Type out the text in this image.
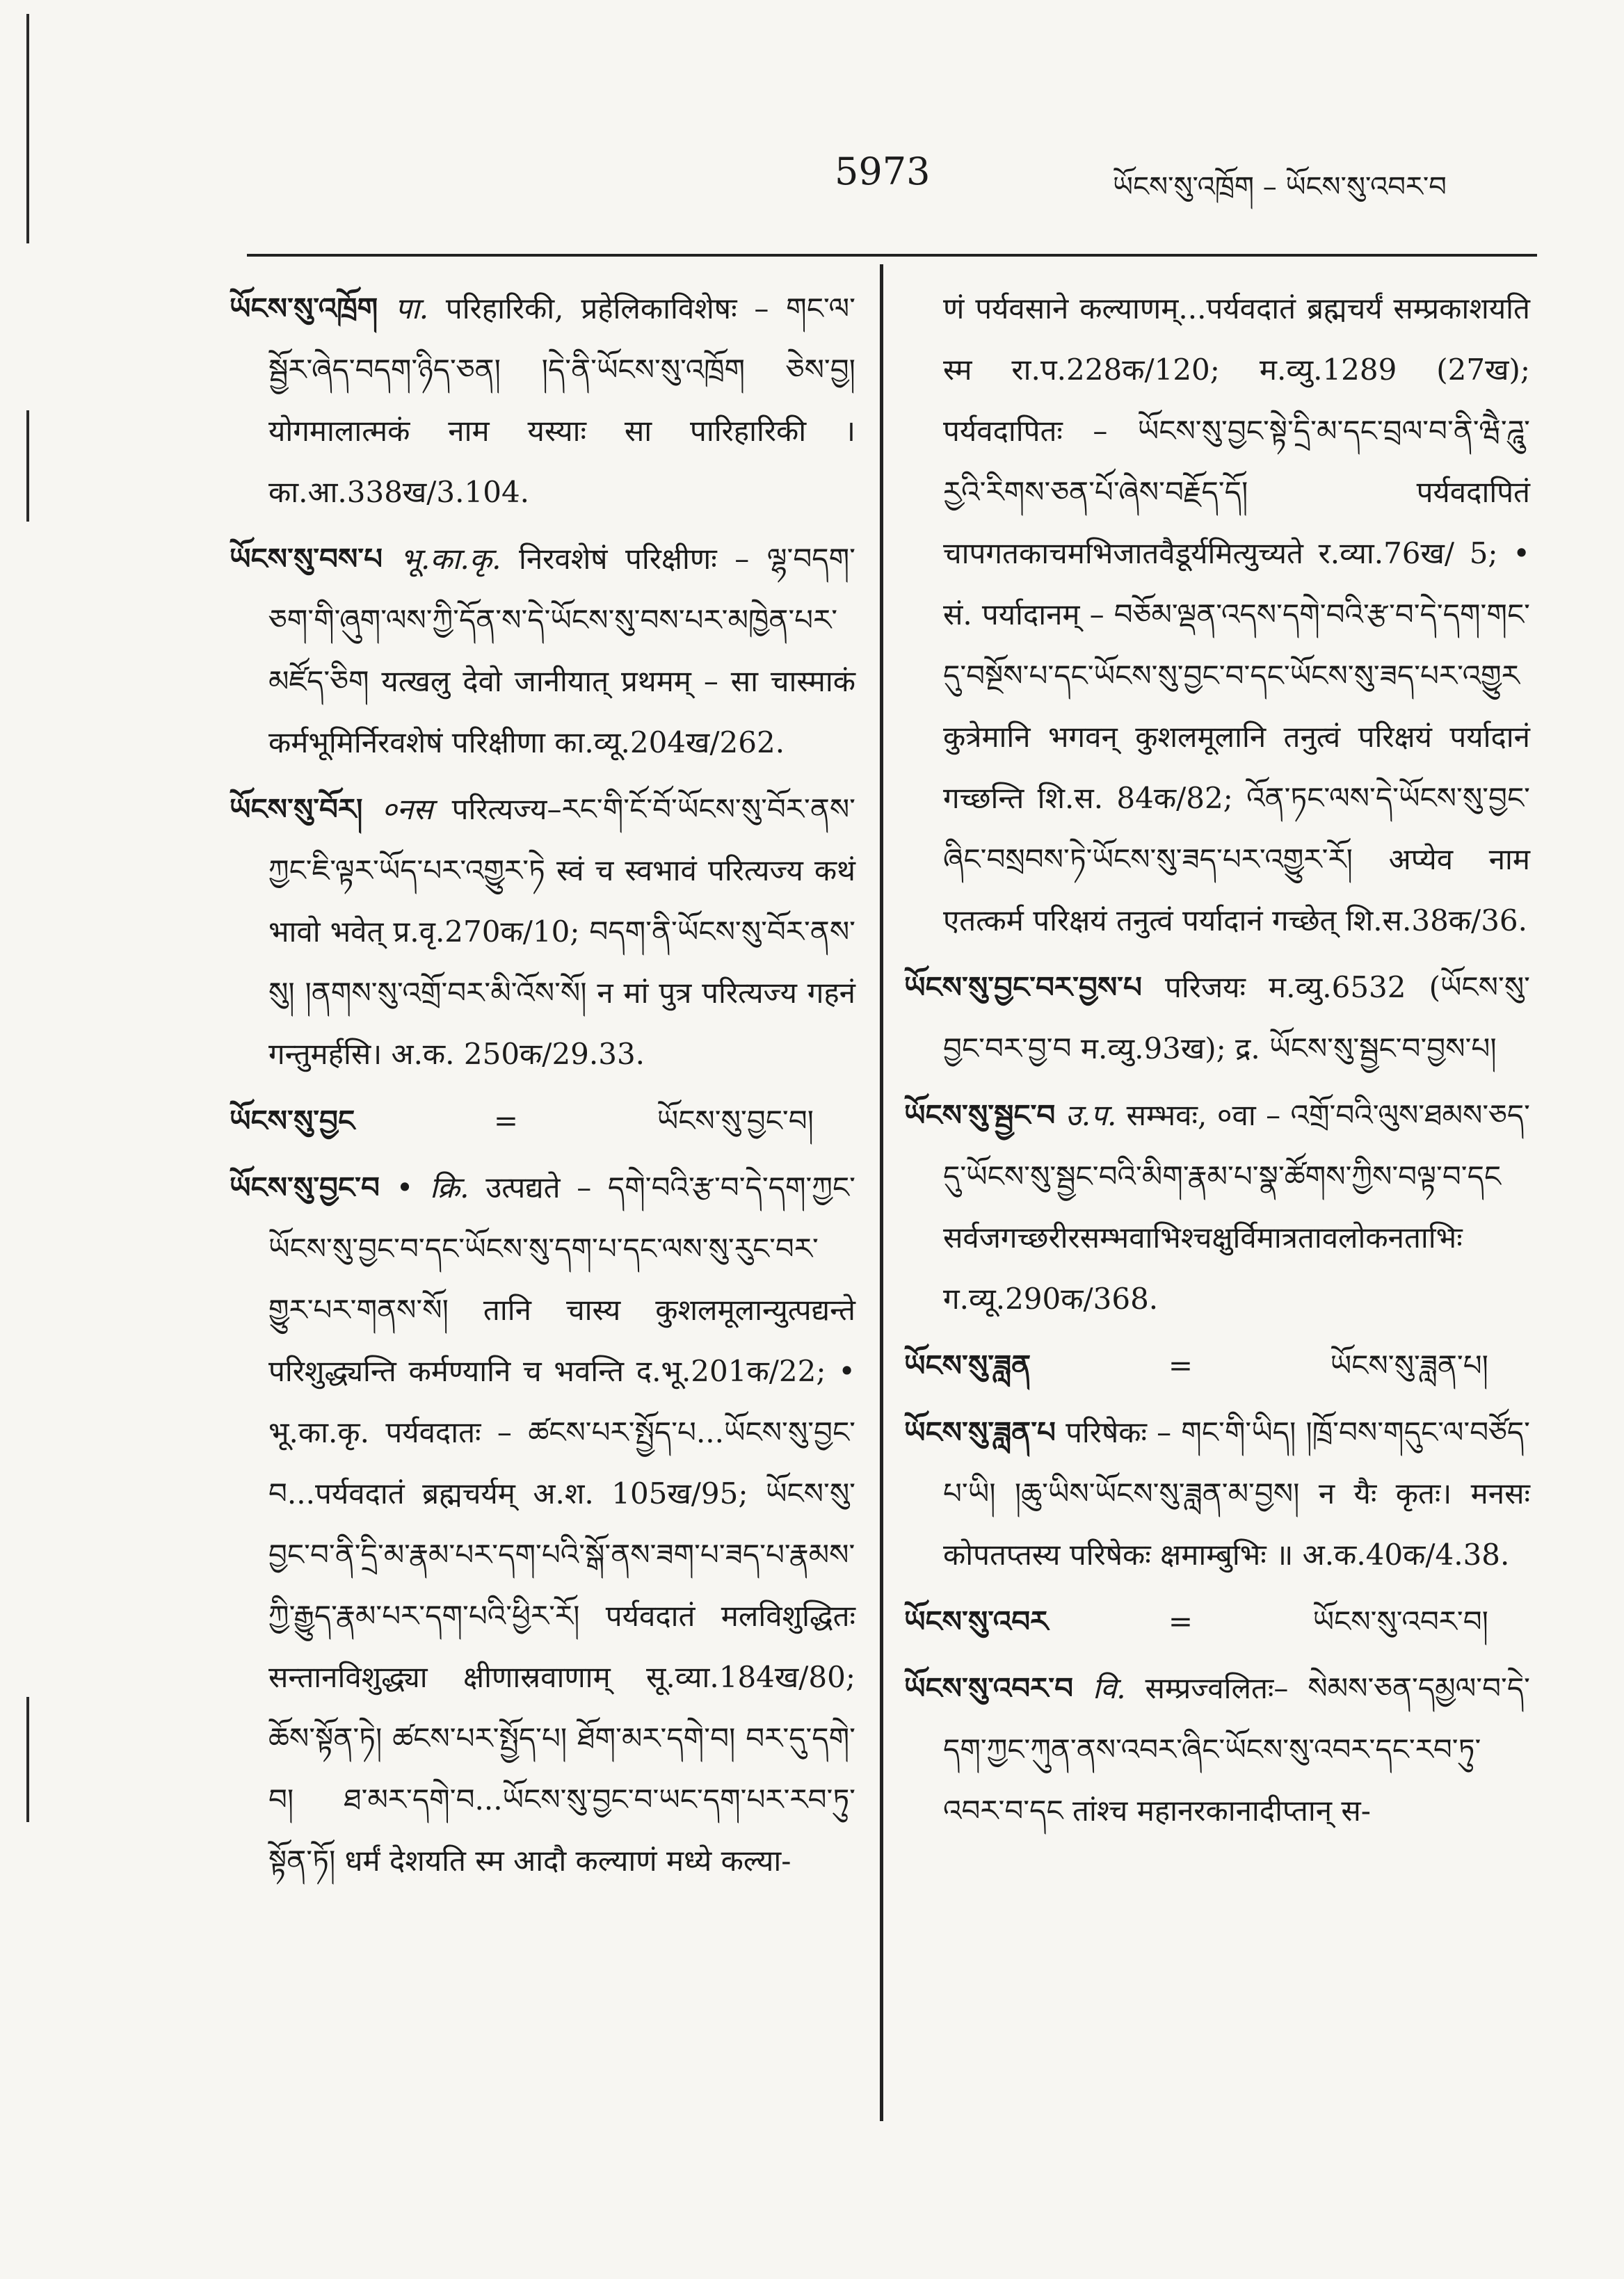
5973	ཡོངས་སུ་འཁྲོག – ཡོངས་སུ་འབར་བ

ཡོངས་སུ་འཁྲོག पा. परिहारिकी, प्रहेलिकाविशेषः – གང་ལ་སྦྱོར་ཞེད་བདག་ཉིད་ཅན། །དེ་ནི་ཡོངས་སུ་འཁྲོག ཅེས་བྱ། योगमालात्मकं नाम यस्याः सा पारिहारिकी । का.आ.338ख/3.104.

ཡོངས་སུ་བས་པ भू.का.कृ. निरवशेषं परिक्षीणः – ལྷ་བདག་ཅག་གི་ཞུག་ལས་ཀྱི་དོན་ས་དེ་ཡོངས་སུ་བས་པར་མཁྱེན་པར་མཛོད་ཅིག यत्खलु देवो जानीयात् प्रथमम् – सा चास्माकं कर्मभूमिर्निरवशेषं परिक्षीणा का.व्यू.204ख/262.

ཡོངས་སུ་བོར། ०नस परित्यज्य–རང་གི་ངོ་བོ་ཡོངས་སུ་བོར་ནས་ཀྱང་ཇི་ལྟར་ཡོད་པར་འགྱུར་ཏེ स्वं च स्वभावं परित्यज्य कथं भावो भवेत् प्र.वृ.270क/10; བདག་ནི་ཡོངས་སུ་བོར་ནས་སུ། །ནགས་སུ་འགྲོ་བར་མི་འོས་སོ། न मां पुत्र परित्यज्य गहनं गन्तुमर्हसि। अ.क. 250क/29.33.

ཡོངས་སུ་བྱང	=	ཡོངས་སུ་བྱང་བ།

ཡོངས་སུ་བྱང་བ • क्रि. उत्पद्यते – དགེ་བའི་རྩ་བ་དེ་དག་ཀྱང་ཡོངས་སུ་བྱང་བ་དང་ཡོངས་སུ་དག་པ་དང་ལས་སུ་རུང་བར་གྱུར་པར་གནས་སོ། तानि चास्य कुशलमूलान्युत्पद्यन्ते परिशुद्ध्यन्ति कर्मण्यानि च भवन्ति द.भू.201क/22; • भू.का.कृ. पर्यवदातः – ཚངས་པར་སྤྱོད་པ...ཡོངས་སུ་བྱང་བ...पर्यवदातं ब्रह्मचर्यम् अ.श. 105ख/95; ཡོངས་སུ་བྱང་བ་ནི་དྲི་མ་རྣམ་པར་དག་པའི་སྒོ་ནས་ཟག་པ་ཟད་པ་རྣམས་ཀྱི་རྒྱུད་རྣམ་པར་དག་པའི་ཕྱིར་རོ། पर्यवदातं मलविशुद्धितः सन्तानविशुद्ध्या क्षीणास्रवाणाम् सू.व्या.184ख/80; ཆོས་སྟོན་ཏེ། ཚངས་པར་སྤྱོད་པ། ཐོག་མར་དགེ་བ། བར་དུ་དགེ་བ། ཐ་མར་དགེ་བ...ཡོངས་སུ་བྱང་བ་ཡང་དག་པར་རབ་ཏུ་སྟོན་ཏོ། धर्मं देशयति स्म आदौ कल्याणं मध्ये कल्या-

णं पर्यवसाने कल्याणम्...पर्यवदातं ब्रह्मचर्यं सम्प्रकाशयति स्म रा.प.228क/120; म.व्यु.1289 (27ख); पर्यवदापितः – ཡོངས་སུ་བྱང་སྟེ་དྲི་མ་དང་བྲལ་བ་ནི་ཝཻ་ཌཱུ་རྱའི་རིགས་ཅན་པོ་ཞེས་བརྗོད་དོ། पर्यवदापितं चापगतकाचमभिजातवैडूर्यमित्युच्यते र.व्या.76ख/ 5; • सं. पर्यादानम् – བཅོམ་ལྡན་འདས་དགེ་བའི་རྩ་བ་དེ་དག་གང་དུ་བསྔོས་པ་དང་ཡོངས་སུ་བྱང་བ་དང་ཡོངས་སུ་ཟད་པར་འགྱུར कुत्रेमानि भगवन् कुशलमूलानि तनुत्वं परिक्षयं पर्यादानं गच्छन्ति शि.स. 84क/82; འོན་ཏང་ལས་དེ་ཡོངས་སུ་བྱང་ཞིང་བསྲབས་ཏེ་ཡོངས་སུ་ཟད་པར་འགྱུར་རོ། अप्येव नाम एतत्कर्म परिक्षयं तनुत्वं पर्यादानं गच्छेत् शि.स.38क/36.

ཡོངས་སུ་བྱང་བར་བྱས་པ परिजयः म.व्यु.6532 (ཡོངས་སུ་བྱང་བར་བྱ་བ म.व्यु.93ख); द्र. ཡོངས་སུ་སྦྱང་བ་བྱས་པ།

ཡོངས་སུ་སྦྱང་བ उ.प. सम्भवः, ०वा – འགྲོ་བའི་ལུས་ཐམས་ཅད་དུ་ཡོངས་སུ་སྦྱང་བའི་མིག་རྣམ་པ་སྣ་ཚོགས་ཀྱིས་བལྟ་བ་དང सर्वजगच्छरीरसम्भवाभिश्चक्षुर्विमात्रतावलोकनताभिः ग.व्यू.290क/368.

ཡོངས་སུ་ཟླན	=	ཡོངས་སུ་ཟླན་པ།

ཡོངས་སུ་ཟླན་པ परिषेकः – གང་གི་ཡིད། །ཁྲོ་བས་གདུང་ལ་བཙོད་པ་ཡི། །ཆུ་ཡིས་ཡོངས་སུ་ཟླན་མ་བྱས། न यैः कृतः। मनसः कोपतप्तस्य परिषेकः क्षमाम्बुभिः ॥ अ.क.40क/4.38.

ཡོངས་སུ་འབར	=	ཡོངས་སུ་འབར་བ།

ཡོངས་སུ་འབར་བ वि. सम्प्रज्वलितः– སེམས་ཅན་དམྱལ་བ་དེ་དག་ཀྱང་ཀུན་ནས་འབར་ཞིང་ཡོངས་སུ་འབར་དང་རབ་ཏུ་འབར་བ་དང तांश्च महानरकानादीप्तान् स-
